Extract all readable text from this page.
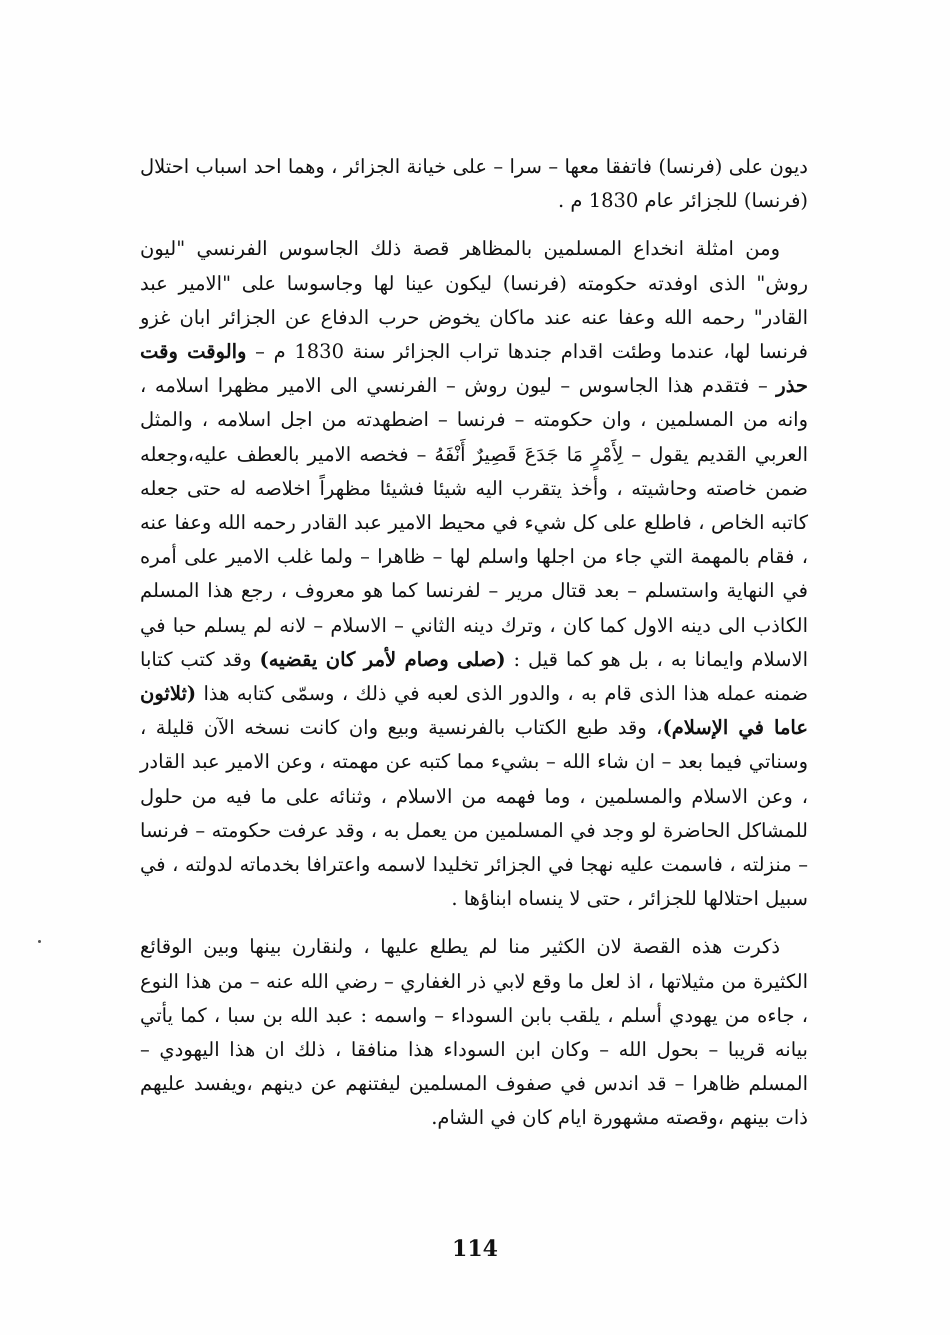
ديون على (فرنسا) فاتفقا معها – سرا – على خيانة الجزائر ، وهما احد اسباب احتلال (فرنسا) للجزائر عام 1830 م .

ومن امثلة انخداع المسلمين بالمظاهر قصة ذلك الجاسوس الفرنسي "ليون روش" الذى اوفدته حكومته (فرنسا) ليكون عينا لها وجاسوسا على "الامير عبد القادر" رحمه الله وعفا عنه عند ماكان يخوض حرب الدفاع عن الجزائر ابان غزو فرنسا لها، عندما وطئت اقدام جندها تراب الجزائر سنة 1830 م – والوقت وقت حذر – فتقدم هذا الجاسوس – ليون روش – الفرنسي الى الامير مظهرا اسلامه ، وانه من المسلمين ، وان حكومته – فرنسا – اضطهدته من اجل اسلامه ، والمثل العربي القديم يقول – لِأَمْرٍ مَا جَدَعَ قَصِيرٌ أَنْفَهُ – فخصه الامير بالعطف عليه،وجعله ضمن خاصته وحاشيته ، وأخذ يتقرب اليه شيئا فشيئا مظهراً اخلاصه له حتى جعله كاتبه الخاص ، فاطلع على كل شيء في محيط الامير عبد القادر رحمه الله وعفا عنه ، فقام بالمهمة التي جاء من اجلها واسلم لها – ظاهرا – ولما غلب الامير على أمره في النهاية واستسلم – بعد قتال مرير – لفرنسا كما هو معروف ، رجع هذا المسلم الكاذب الى دينه الاول كما كان ، وترك دينه الثاني – الاسلام – لانه لم يسلم حبا في الاسلام وايمانا به ، بل هو كما قيل : (صلى وصام لأمر كان يقضيه) وقد كتب كتابا ضمنه عمله هذا الذى قام به ، والدور الذى لعبه في ذلك ، وسمّى كتابه هذا (ثلاثون عاما في الإسلام)، وقد طبع الكتاب بالفرنسية وبيع وان كانت نسخه الآن قليلة ، وسناتي فيما بعد – ان شاء الله – بشيء مما كتبه عن مهمته ، وعن الامير عبد القادر ، وعن الاسلام والمسلمين ، وما فهمه من الاسلام ، وثنائه على ما فيه من حلول للمشاكل الحاضرة لو وجد في المسلمين من يعمل به ، وقد عرفت حكومته – فرنسا – منزلته ، فاسمت عليه نهجا في الجزائر تخليدا لاسمه واعترافا بخدماته لدولته ، في سبيل احتلالها للجزائر ، حتى لا ينساه ابناؤها .

ذكرت هذه القصة لان الكثير منا لم يطلع عليها ، ولنقارن بينها وبين الوقائع الكثيرة من مثيلاتها ، اذ لعل ما وقع لابي ذر الغفاري – رضي الله عنه – من هذا النوع ، جاءه من يهودي أسلم ، يلقب بابن السوداء – واسمه : عبد الله بن سبا ، كما يأتي بيانه قريبا – بحول الله – وكان ابن السوداء هذا منافقا ، ذلك ان هذا اليهودي – المسلم ظاهرا – قد اندس في صفوف المسلمين ليفتنهم عن دينهم ،ويفسد عليهم ذات بينهم ،وقصته مشهورة ايام كان في الشام.

114
